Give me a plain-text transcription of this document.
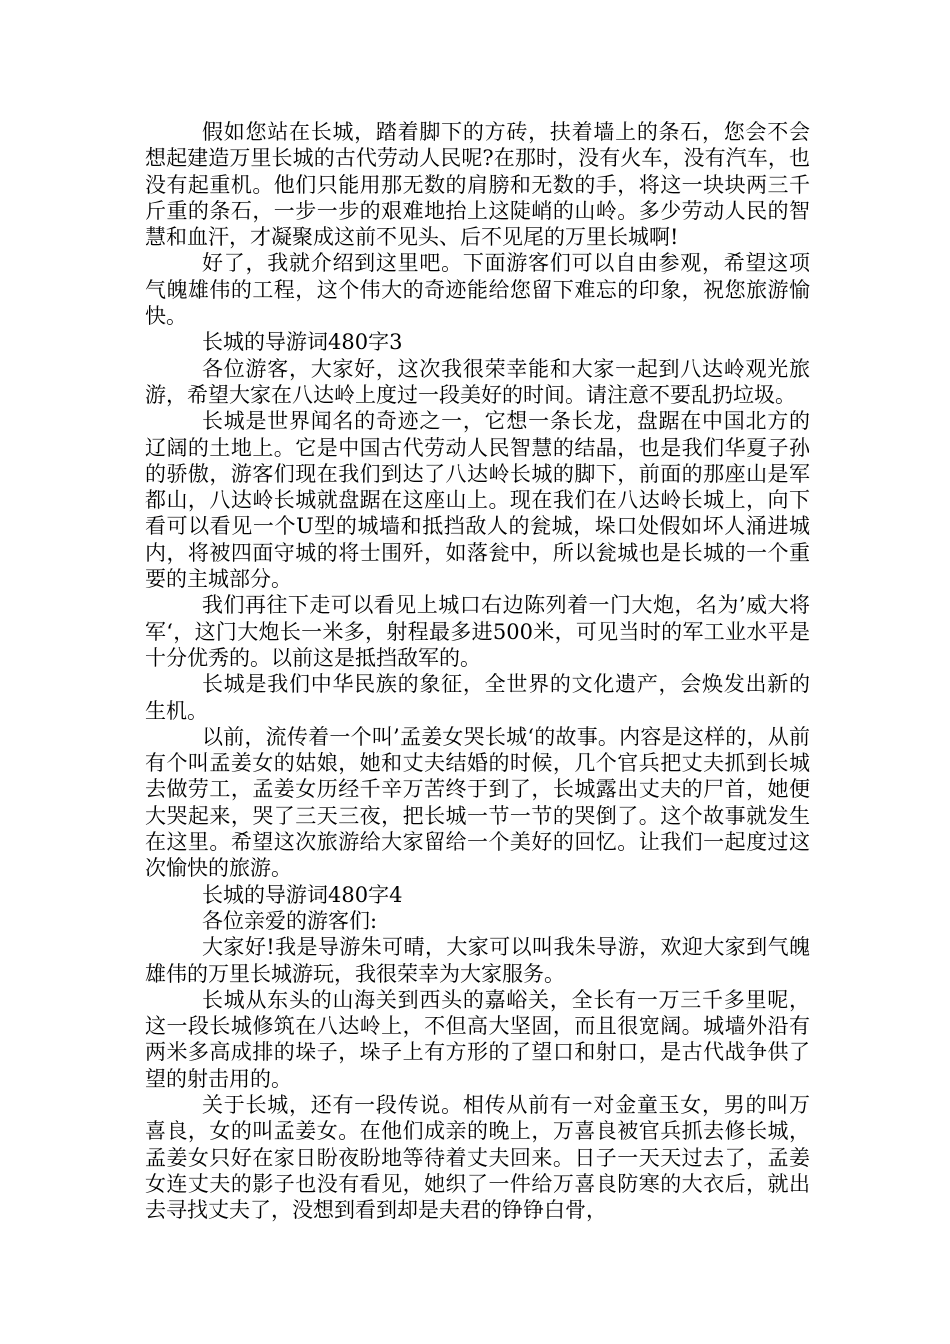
假如您站在长城，踏着脚下的方砖，扶着墙上的条石，您会不会想起建造万里长城的古代劳动人民呢?在那时，没有火车，没有汽车，也没有起重机。他们只能用那无数的肩膀和无数的手，将这一块块两三千斤重的条石，一步一步的艰难地抬上这陡峭的山岭。多少劳动人民的智慧和血汗，才凝聚成这前不见头、后不见尾的万里长城啊!

好了，我就介绍到这里吧。下面游客们可以自由参观，希望这项气魄雄伟的工程，这个伟大的奇迹能给您留下难忘的印象，祝您旅游愉快。

长城的导游词480字3

各位游客，大家好，这次我很荣幸能和大家一起到八达岭观光旅游，希望大家在八达岭上度过一段美好的时间。请注意不要乱扔垃圾。

长城是世界闻名的奇迹之一，它想一条长龙，盘踞在中国北方的辽阔的土地上。它是中国古代劳动人民智慧的结晶，也是我们华夏子孙的骄傲，游客们现在我们到达了八达岭长城的脚下，前面的那座山是军都山，八达岭长城就盘踞在这座山上。现在我们在八达岭长城上，向下看可以看见一个U型的城墙和抵挡敌人的瓮城，垛口处假如坏人涌进城内，将被四面守城的将士围歼，如落瓮中，所以瓮城也是长城的一个重要的主城部分。

我们再往下走可以看见上城口右边陈列着一门大炮，名为’威大将军‘，这门大炮长一米多，射程最多进500米，可见当时的军工业水平是十分优秀的。以前这是抵挡敌军的。

长城是我们中华民族的象征，全世界的文化遗产，会焕发出新的生机。

以前，流传着一个叫’孟姜女哭长城‘的故事。内容是这样的，从前有个叫孟姜女的姑娘，她和丈夫结婚的时候，几个官兵把丈夫抓到长城去做劳工，孟姜女历经千辛万苦终于到了，长城露出丈夫的尸首，她便大哭起来，哭了三天三夜，把长城一节一节的哭倒了。这个故事就发生在这里。希望这次旅游给大家留给一个美好的回忆。让我们一起度过这次愉快的旅游。

长城的导游词480字4

各位亲爱的游客们:

大家好!我是导游朱可晴，大家可以叫我朱导游，欢迎大家到气魄雄伟的万里长城游玩，我很荣幸为大家服务。

长城从东头的山海关到西头的嘉峪关，全长有一万三千多里呢，这一段长城修筑在八达岭上，不但高大坚固，而且很宽阔。城墙外沿有两米多高成排的垛子，垛子上有方形的了望口和射口，是古代战争供了望的射击用的。

关于长城，还有一段传说。相传从前有一对金童玉女，男的叫万喜良，女的叫孟姜女。在他们成亲的晚上，万喜良被官兵抓去修长城，孟姜女只好在家日盼夜盼地等待着丈夫回来。日子一天天过去了，孟姜女连丈夫的影子也没有看见，她织了一件给万喜良防寒的大衣后，就出去寻找丈夫了，没想到看到却是夫君的铮铮白骨，
